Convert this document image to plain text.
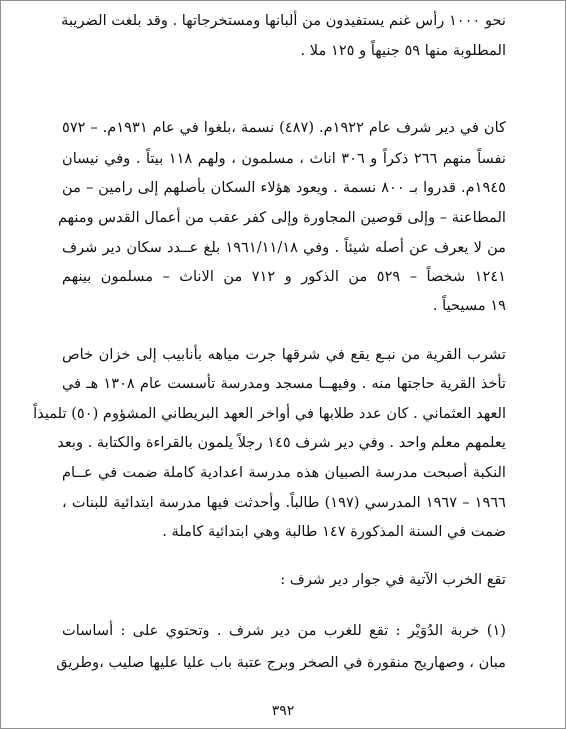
نحو ١٠٠٠ رأس غنم يستفيدون من ألبانها ومستخرجاتها . وقد بلغت الضريبة
المطلوبة منها ٥٩ جنيهاً و ١٢٥ ملا .
كان في دير شرف عام ١٩٢٢م. (٤٨٧) نسمة ،بلغوا في عام ١٩٣١م. – ٥٧٢
نفساً منهم ٢٦٦ ذكراً و ٣٠٦ اناث ، مسلمون ، ولهم ١١٨ بيتاً . وفي نيسان
١٩٤٥م. قدروا بـ ٨٠٠ نسمة . ويعود هؤلاء السكان بأصلهم إلى رامين – من
المطاعنة – وإلى قوصين المجاورة وإلى كفر عقب من أعمال القدس ومنهم
من لا يعرف عن أصله شيئاً . وفي ١٩٦١/١١/١٨ بلغ عــدد سكان دير شرف
١٢٤١ شخصاً – ٥٢٩ من الذكور و ٧١٢ من الاناث – مسلمون بينهم
١٩ مسيحياً .
تشرب القرية من نبـع يقع في شرقها جرت مياهه بأنابيب إلى خزان خاص
تأخذ القرية حاجتها منه . وفيهــا مسجد ومدرسة تأسست عام ١٣٠٨ هـ في
العهد العثماني . كان عدد طلابها في أواخر العهد البريطاني المشؤوم (٥٠) تلميذاً
يعلمهم معلم واحد . وفي دير شرف ١٤٥ رجلاً يلمون بالقراءة والكتابة . وبعد
النكبة أصبحت مدرسة الصبيان هذه مدرسة اعدادية كاملة ضمت في عــام
١٩٦٦ – ١٩٦٧ المدرسي (١٩٧) طالباً. وأحدثت فيها مدرسة ابتدائية للبنات ،
ضمت في السنة المذكورة ١٤٧ طالبة وهي ابتدائية كاملة .
تقع الخرب الآتية في جوار دير شرف :
(١) خربة الدُوَيْر : تقع للغرب من دير شرف . وتحتوي على : أساسات
مبان ، وصهاريج منقورة في الصخر وبرج عتبة باب عليا عليها صليب ،وطريق
٣٩٢
